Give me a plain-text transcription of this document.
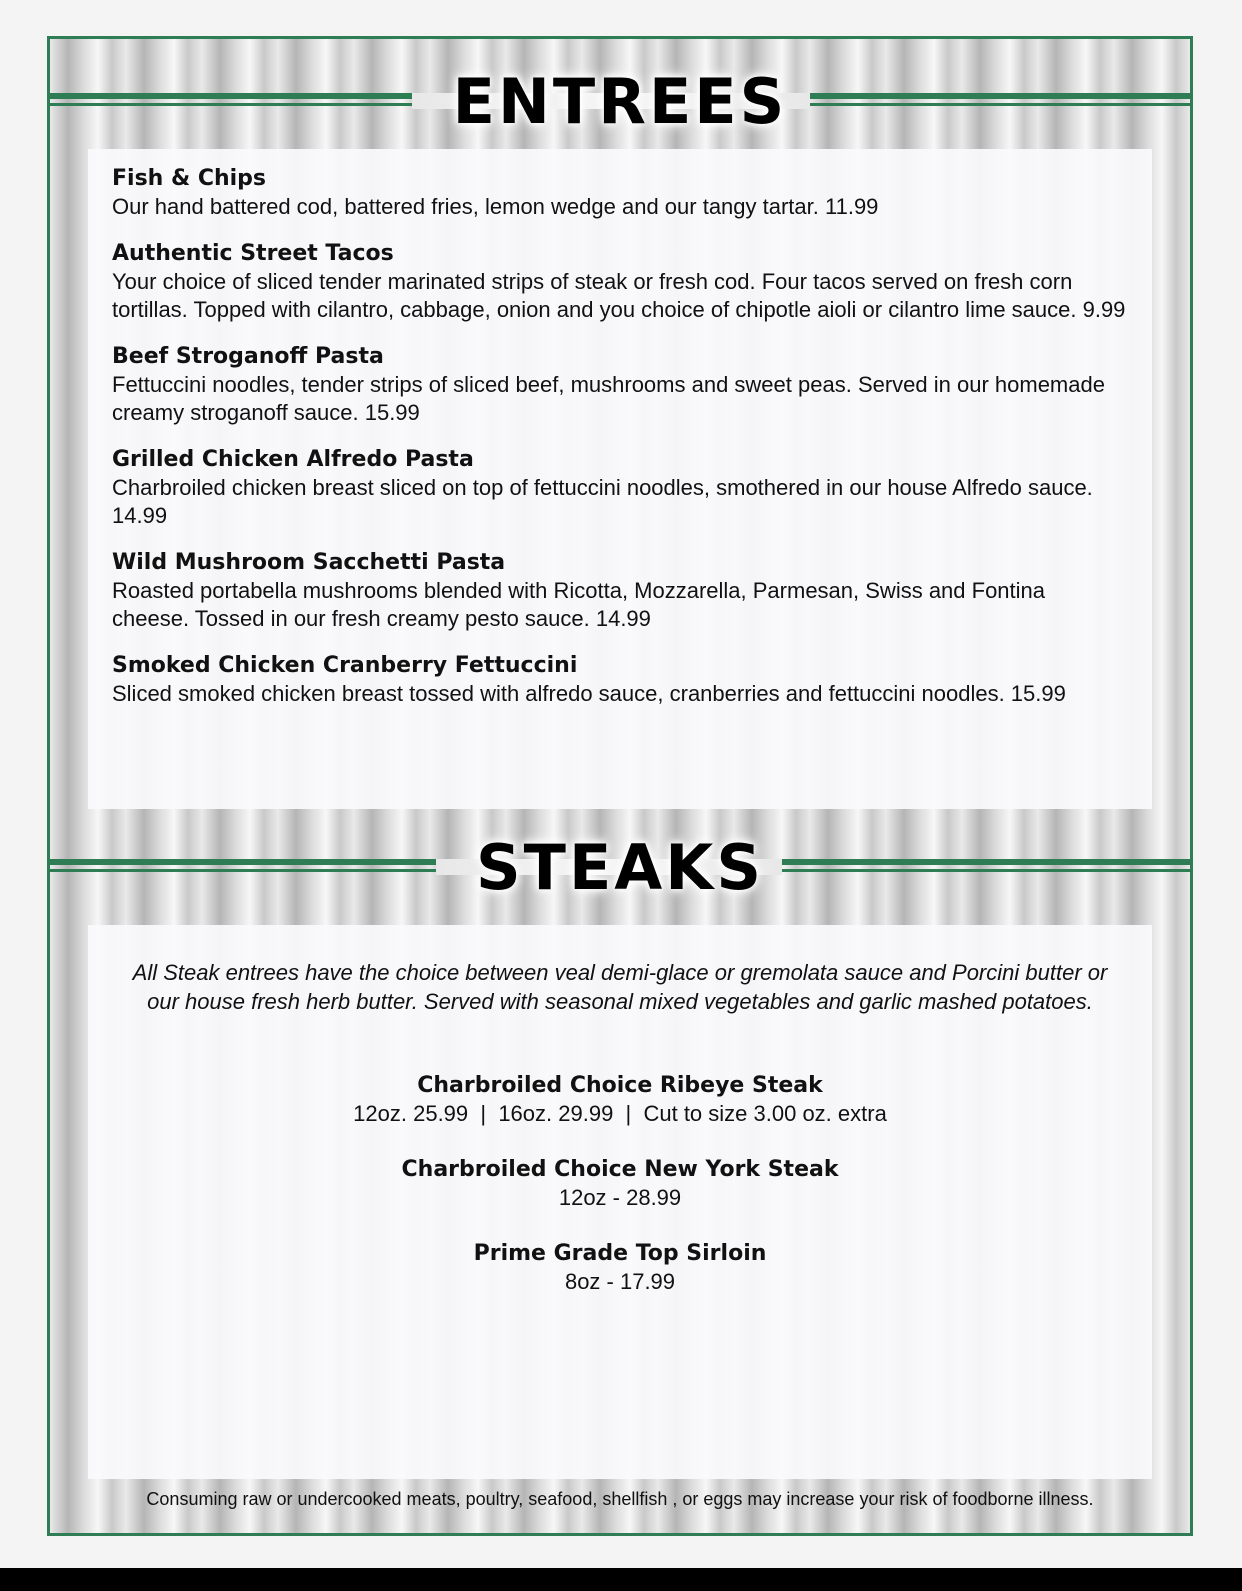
ENTREES
Fish & Chips
Our hand battered cod, battered fries, lemon wedge and our tangy tartar. 11.99
Authentic Street Tacos
Your choice of sliced tender marinated strips of steak or fresh cod. Four tacos served on fresh corn tortillas. Topped with cilantro, cabbage, onion and you choice of chipotle aioli or cilantro lime sauce. 9.99
Beef Stroganoff Pasta
Fettuccini noodles, tender strips of sliced beef, mushrooms and sweet peas. Served in our homemade creamy stroganoff sauce. 15.99
Grilled Chicken Alfredo Pasta
Charbroiled chicken breast sliced on top of fettuccini noodles, smothered in our house Alfredo sauce. 14.99
Wild Mushroom Sacchetti Pasta
Roasted portabella mushrooms blended with Ricotta, Mozzarella, Parmesan, Swiss and Fontina cheese. Tossed in our fresh creamy pesto sauce. 14.99
Smoked Chicken Cranberry Fettuccini
Sliced smoked chicken breast tossed with alfredo sauce, cranberries and fettuccini noodles. 15.99
STEAKS
All Steak entrees have the choice between veal demi-glace or gremolata sauce and Porcini butter or our house fresh herb butter. Served with seasonal mixed vegetables and garlic mashed potatoes.
Charbroiled Choice Ribeye Steak
12oz. 25.99  |  16oz. 29.99  |  Cut to size 3.00 oz. extra
Charbroiled Choice New York Steak
12oz - 28.99
Prime Grade Top Sirloin
8oz - 17.99
Consuming raw or undercooked meats, poultry, seafood, shellfish , or eggs may increase your risk of foodborne illness.
